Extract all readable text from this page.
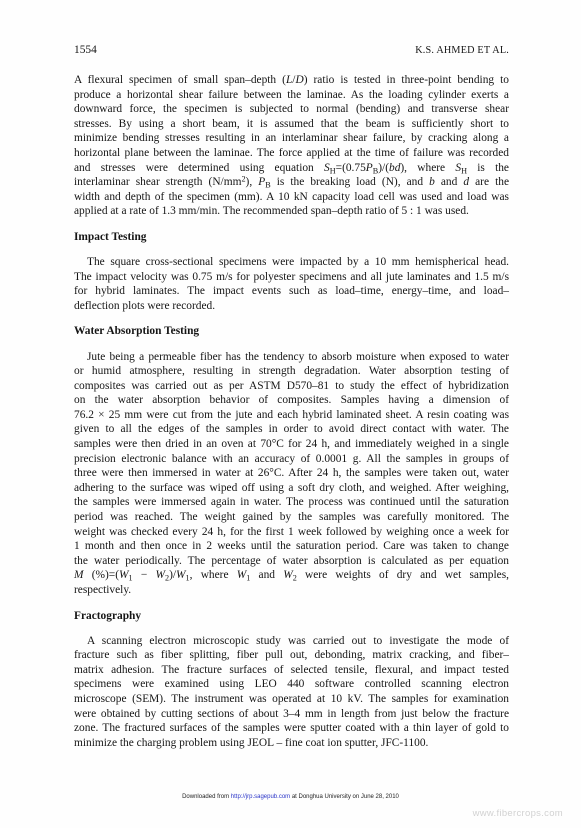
1554	K.S. AHMED ET AL.
A flexural specimen of small span–depth (L/D) ratio is tested in three-point bending to
produce a horizontal shear failure between the laminae. As the loading cylinder exerts a
downward force, the specimen is subjected to normal (bending) and transverse shear
stresses. By using a short beam, it is assumed that the beam is sufficiently short to
minimize bending stresses resulting in an interlaminar shear failure, by cracking along a
horizontal plane between the laminae. The force applied at the time of failure was recorded
and stresses were determined using equation $S_H=(0.75P_B)/(bd)$, where $S_H$ is the
interlaminar shear strength $(N/mm^2)$, $P_B$ is the breaking load (N), and b and d are the
width and depth of the specimen (mm). A 10 kN capacity load cell was used and load was
applied at a rate of 1.3 mm/min. The recommended span–depth ratio of 5 : 1 was used.
Impact Testing
The square cross-sectional specimens were impacted by a 10 mm hemispherical head.
The impact velocity was 0.75 m/s for polyester specimens and all jute laminates and 1.5 m/s
for hybrid laminates. The impact events such as load–time, energy–time, and load–
deflection plots were recorded.
Water Absorption Testing
Jute being a permeable fiber has the tendency to absorb moisture when exposed to water
or humid atmosphere, resulting in strength degradation. Water absorption testing of
composites was carried out as per ASTM D570–81 to study the effect of hybridization
on the water absorption behavior of composites. Samples having a dimension of
76.2 × 25 mm were cut from the jute and each hybrid laminated sheet. A resin coating was
given to all the edges of the samples in order to avoid direct contact with water. The
samples were then dried in an oven at 70°C for 24 h, and immediately weighed in a single
precision electronic balance with an accuracy of 0.0001 g. All the samples in groups of
three were then immersed in water at 26°C. After 24 h, the samples were taken out, water
adhering to the surface was wiped off using a soft dry cloth, and weighed. After weighing,
the samples were immersed again in water. The process was continued until the saturation
period was reached. The weight gained by the samples was carefully monitored. The
weight was checked every 24 h, for the first 1 week followed by weighing once a week for
1 month and then once in 2 weeks until the saturation period. Care was taken to change
the water periodically. The percentage of water absorption is calculated as per equation
M $(\%)=(W_1 - W_2)/W_1$, where $W_1$ and $W_2$ were weights of dry and wet samples,
respectively.
Fractography
A scanning electron microscopic study was carried out to investigate the mode of
fracture such as fiber splitting, fiber pull out, debonding, matrix cracking, and fiber–
matrix adhesion. The fracture surfaces of selected tensile, flexural, and impact tested
specimens were examined using LEO 440 software controlled scanning electron
microscope (SEM). The instrument was operated at 10 kV. The samples for examination
were obtained by cutting sections of about 3–4 mm in length from just below the fracture
zone. The fractured surfaces of the samples were sputter coated with a thin layer of gold to
minimize the charging problem using JEOL – fine coat ion sputter, JFC-1100.
Downloaded from http://jrp.sagepub.com at Donghua University on June 28, 2010
www.fibercrops.com
